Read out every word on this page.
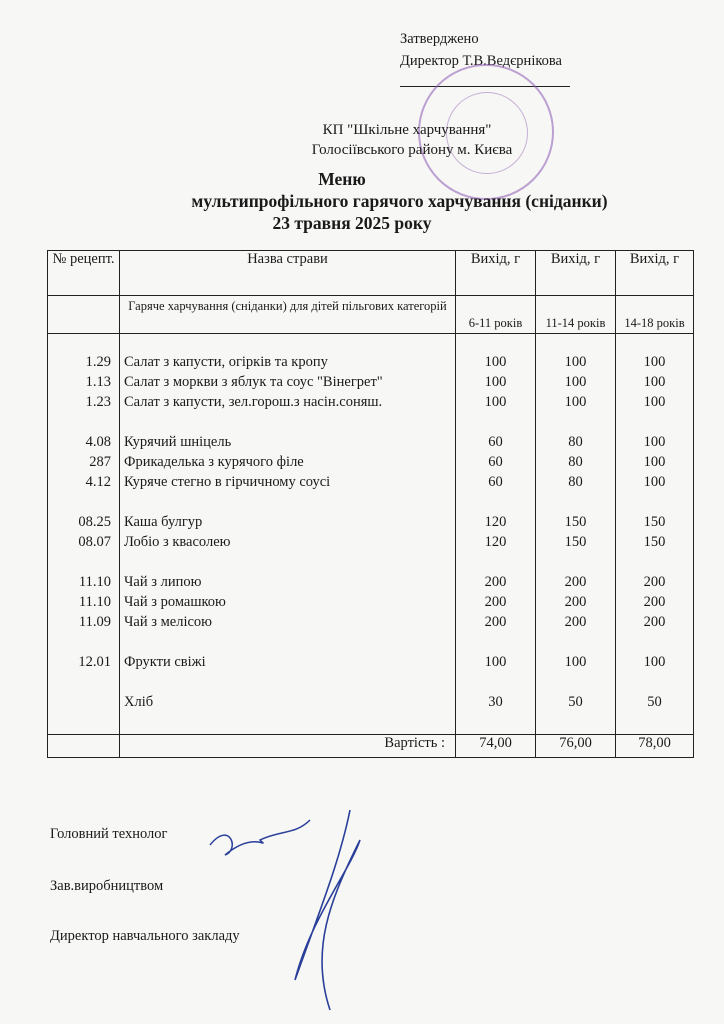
Затверджено
Директор Т.В.Ведєрнікова
КП "Шкільне харчування"
Голосіївського району м. Києва
Меню
мультипрофільного гарячого харчування (сніданки)
23 травня 2025 року
№ рецепт.	Назва страви	Вихід, г	Вихід, г	Вихід, г
	Гаряче харчування (сніданки) для дітей пільгових категорій	6-11 років	11-14 років	14-18 років

1.29	Салат з капусти, огірків та кропу	100	100	100
1.13	Салат з моркви з яблук та соус "Вінегрет"	100	100	100
1.23	Салат з капусти, зел.горош.з насін.соняш.	100	100	100

4.08	Курячий шніцель	60	80	100
287	Фрикаделька з курячого філе	60	80	100
4.12	Куряче стегно в гірчичному соусі	60	80	100

08.25	Каша булгур	120	150	150
08.07	Лобіо з квасолею	120	150	150

11.10	Чай з липою	200	200	200
11.10	Чай з ромашкою	200	200	200
11.09	Чай з мелісою	200	200	200

12.01	Фрукти свіжі	100	100	100

	Хліб	30	50	50

	Вартість :	74,00	76,00	78,00
Головний технолог
Зав.виробництвом
Директор навчального закладу
